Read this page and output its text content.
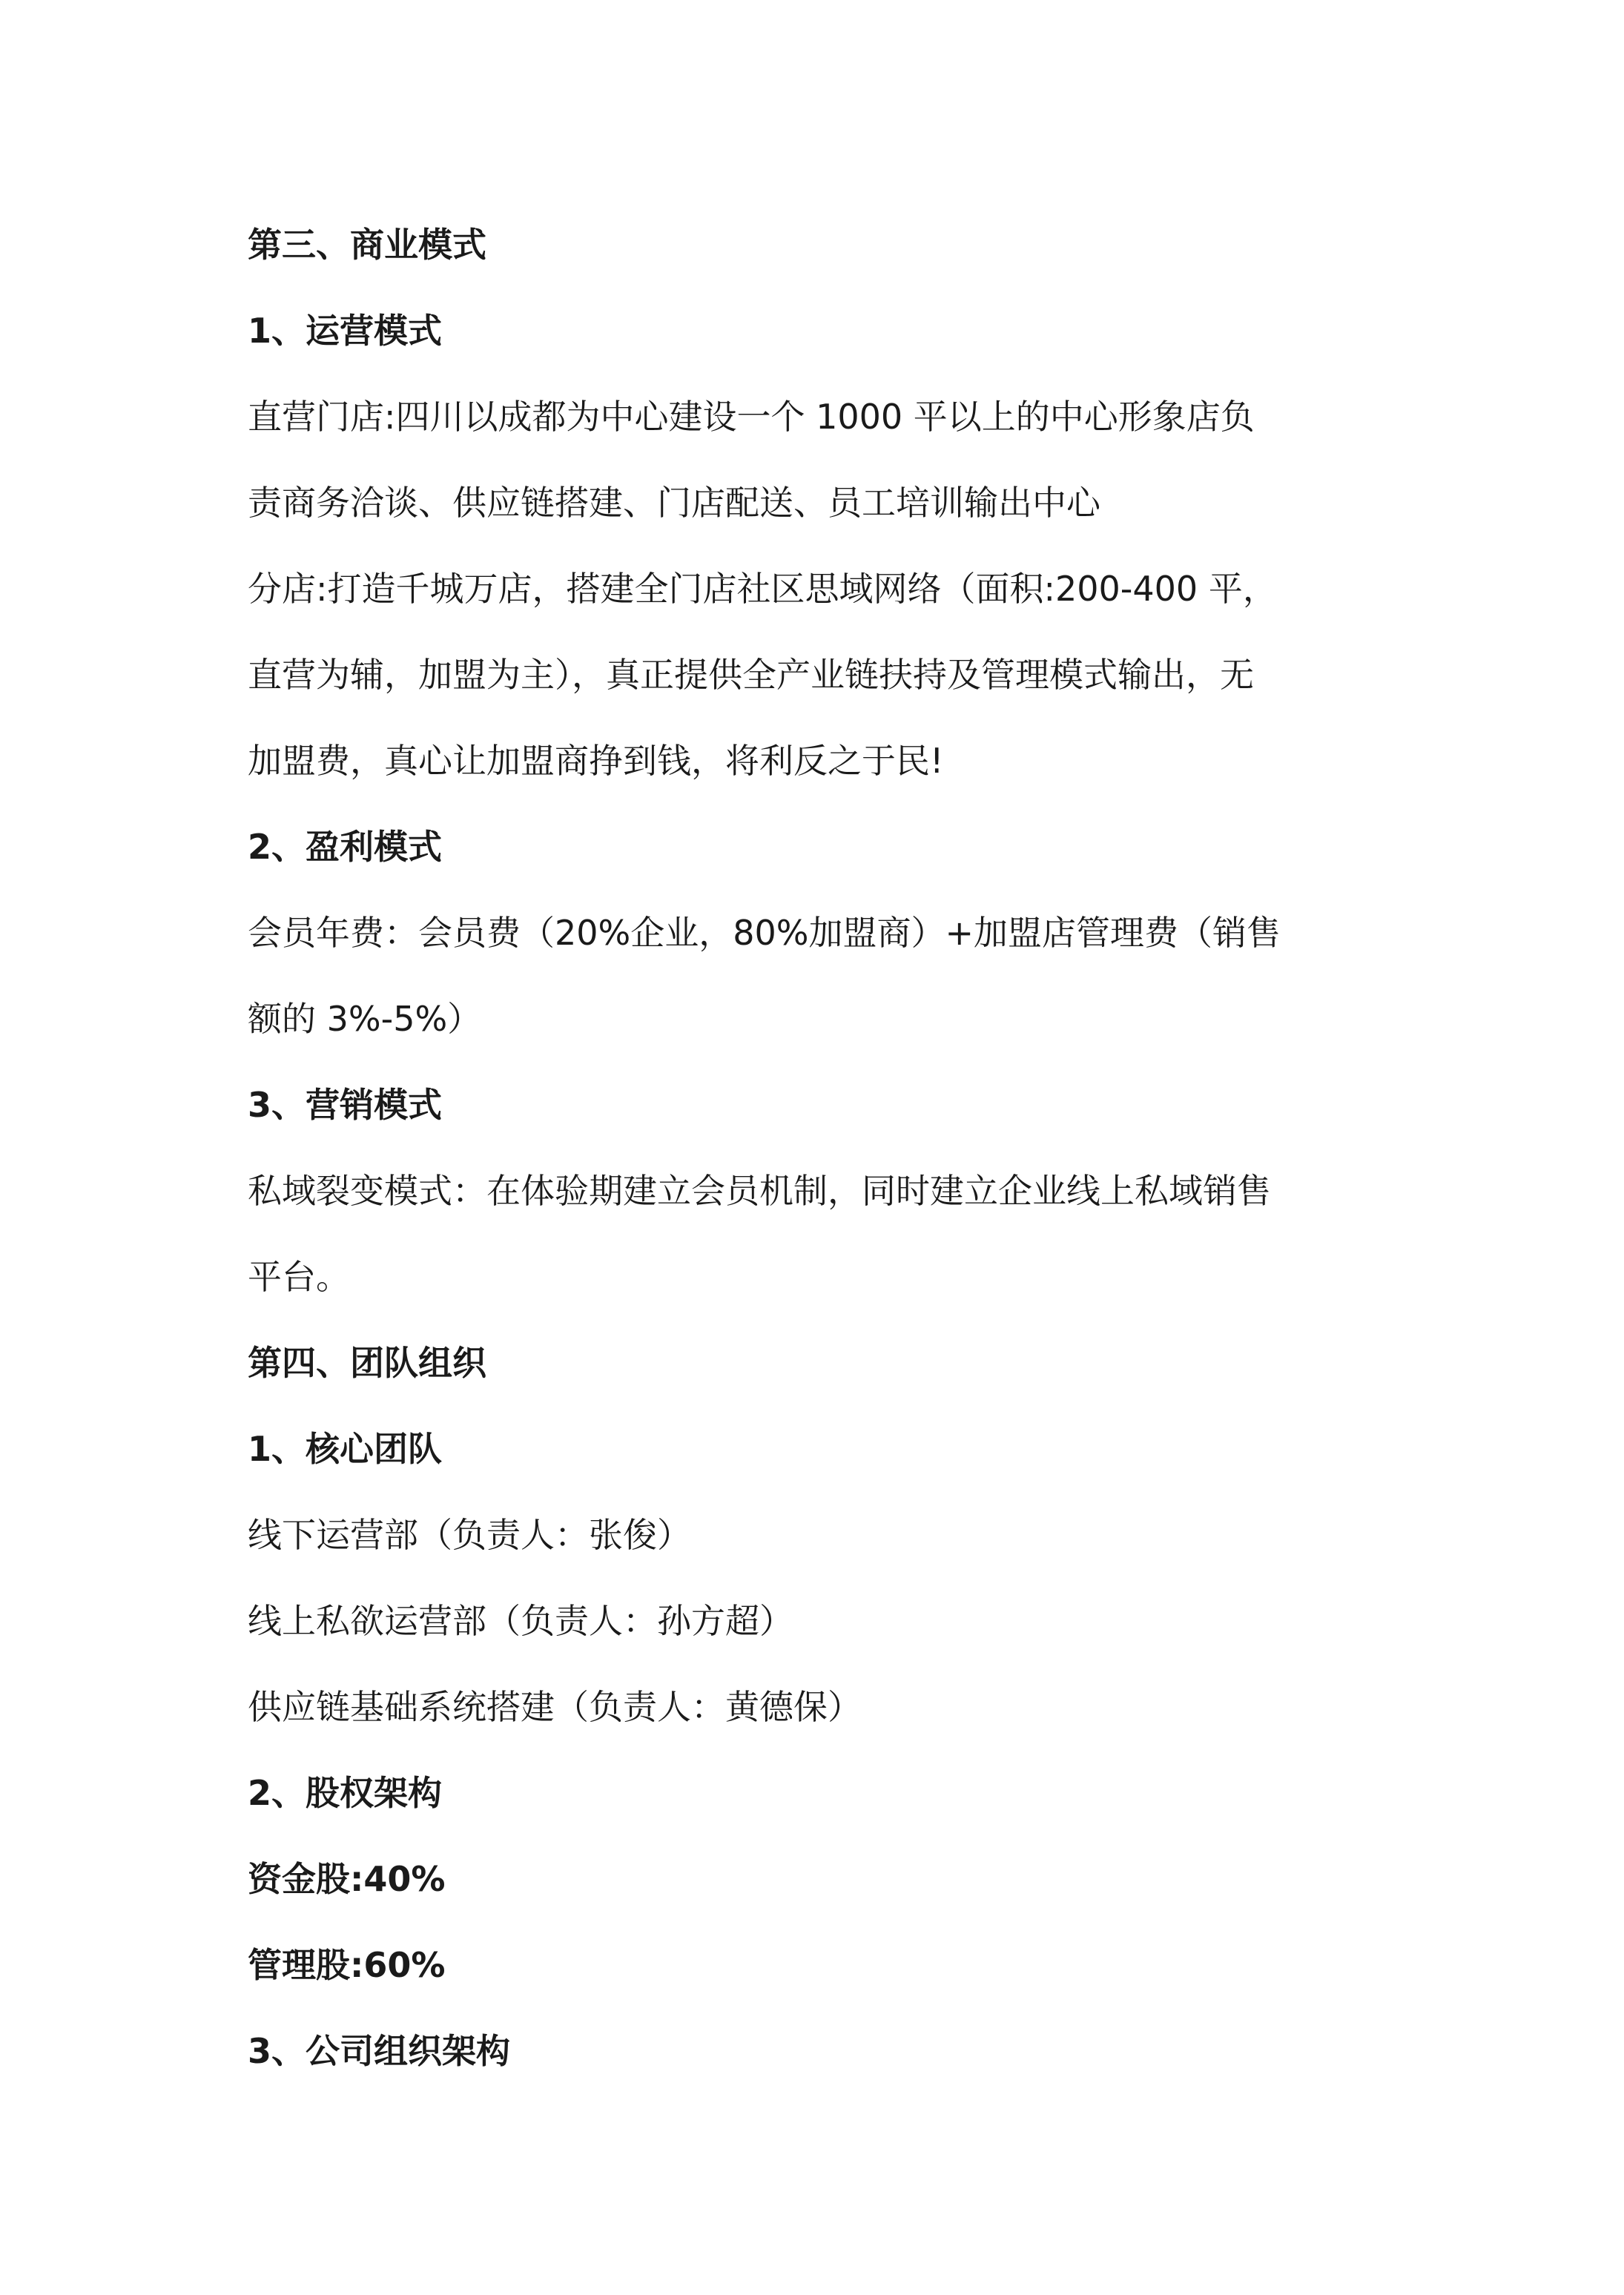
第三、商业模式

1、运营模式

直营门店:四川以成都为中心建设一个 1000 平以上的中心形象店负
责商务洽谈、供应链搭建、门店配送、员工培训输出中心
分店:打造千城万店，搭建全门店社区思域网络（面积:200-400 平，
直营为辅，加盟为主），真正提供全产业链扶持及管理模式输出，无
加盟费，真心让加盟商挣到钱，将利反之于民!

2、盈利模式

会员年费：会员费（20%企业，80%加盟商）+加盟店管理费（销售
额的 3%-5%）

3、营销模式

私域裂变模式：在体验期建立会员机制，同时建立企业线上私域销售
平台。

第四、团队组织

1、核心团队

线下运营部（负责人：张俊）

线上私欲运营部（负责人：孙方超）

供应链基础系统搭建（负责人：黄德保）

2、股权架构

资金股:40%

管理股:60%

3、公司组织架构
